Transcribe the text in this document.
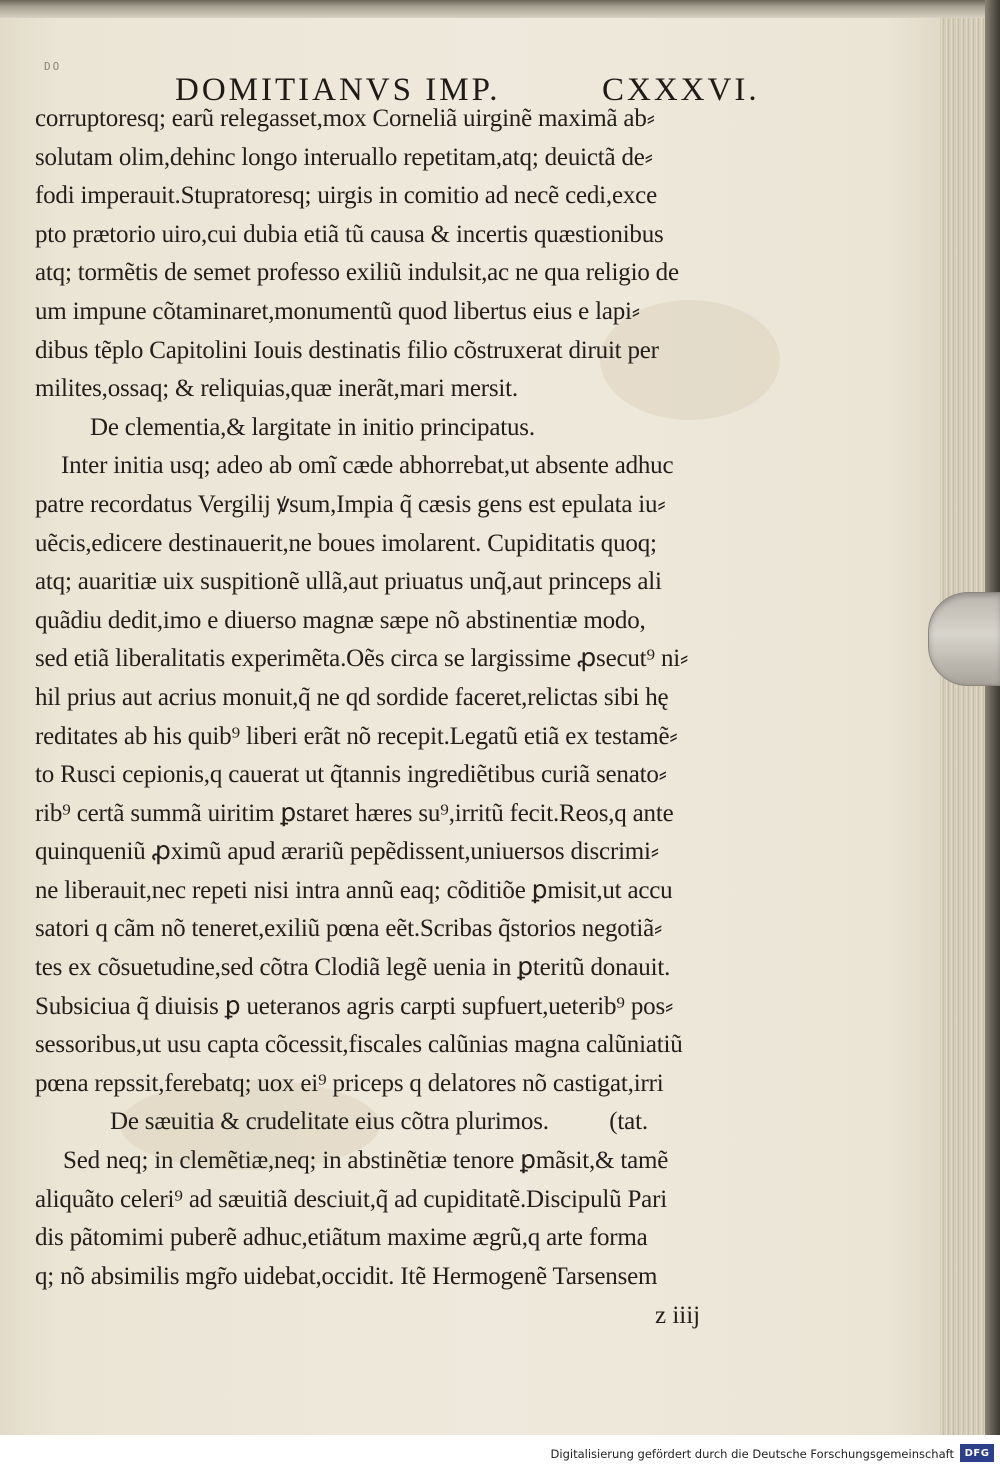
DO
DOMITIANVS IMP.	CXXXVI.
corruptoresq; earũ relegasset,mox Corneliã uirginẽ maximã ab⸗
solutam olim,dehinc longo interuallo repetitam,atq; deuictã de⸗
fodi imperauit.Stupratoresq; uirgis in comitio ad necẽ cedi,exce
pto prætorio uiro,cui dubia etiã tũ causa & incertis quæstionibus
atq; tormẽtis de semet professo exiliũ indulsit,ac ne qua religio de
um impune cõtaminaret,monumentũ quod libertus eius e lapi⸗
dibus tẽplo Capitolini Iouis destinatis filio cõstruxerat diruit per
milites,ossaq; & reliquias,quæ inerãt,mari mersit.
De clementia,& largitate in initio principatus.
Inter initia usq; adeo ab omĩ cæde abhorrebat,ut absente adhuc
patre recordatus Vergilij ꝟsum,Impia q̃ cæsis gens est epulata iu⸗
uẽcis,edicere destinauerit,ne boues imolarent. Cupiditatis quoq;
atq; auaritiæ uix suspitionẽ ullã,aut priuatus unq̃,aut princeps ali
quãdiu dedit,imo e diuerso magnæ sæpe nõ abstinentiæ modo,
sed etiã liberalitatis experimẽta.Oẽs circa se largissime ꝓsecut⁹ ni⸗
hil prius aut acrius monuit,q̃ ne qd sordide faceret,relictas sibi hę
reditates ab his quib⁹ liberi erãt nõ recepit.Legatũ etiã ex testamẽ⸗
to Rusci cepionis,q cauerat ut q̃tannis ingrediẽtibus curiã senato⸗
rib⁹ certã summã uiritim ꝑstaret hæres su⁹,irritũ fecit.Reos,q ante
quinqueniũ ꝓximũ apud ærariũ pepẽdissent,uniuersos discrimi⸗
ne liberauit,nec repeti nisi intra annũ eaq; cõditiõe ꝑmisit,ut accu
satori q cãm nõ teneret,exiliũ pœna eẽt.Scribas q̃storios negotiã⸗
tes ex cõsuetudine,sed cõtra Clodiã legẽ uenia in ꝑteritũ donauit.
Subsiciua q̃ diuisis ꝑ ueteranos agris carpti supfuert,ueterib⁹ pos⸗
sessoribus,ut usu capta cõcessit,fiscales calũnias magna calũniatiũ
pœna repssit,ferebatq; uox ei⁹ priceps q delatores nõ castigat,irri
De sæuitia & crudelitate eius cõtra plurimos.          (tat.
Sed neq; in clemẽtiæ,neq; in abstinẽtiæ tenore ꝑmãsit,& tamẽ
aliquãto celeri⁹ ad sæuitiã desciuit,q̃ ad cupiditatẽ.Discipulũ Pari
dis pãtomimi puberẽ adhuc,etiãtum maxime ægrũ,q arte forma
q; nõ absimilis mgr̃o uidebat,occidit. Itẽ Hermogenẽ Tarsensem
z iiij
Digitalisierung gefördert durch die Deutsche Forschungsgemeinschaft	DFG
